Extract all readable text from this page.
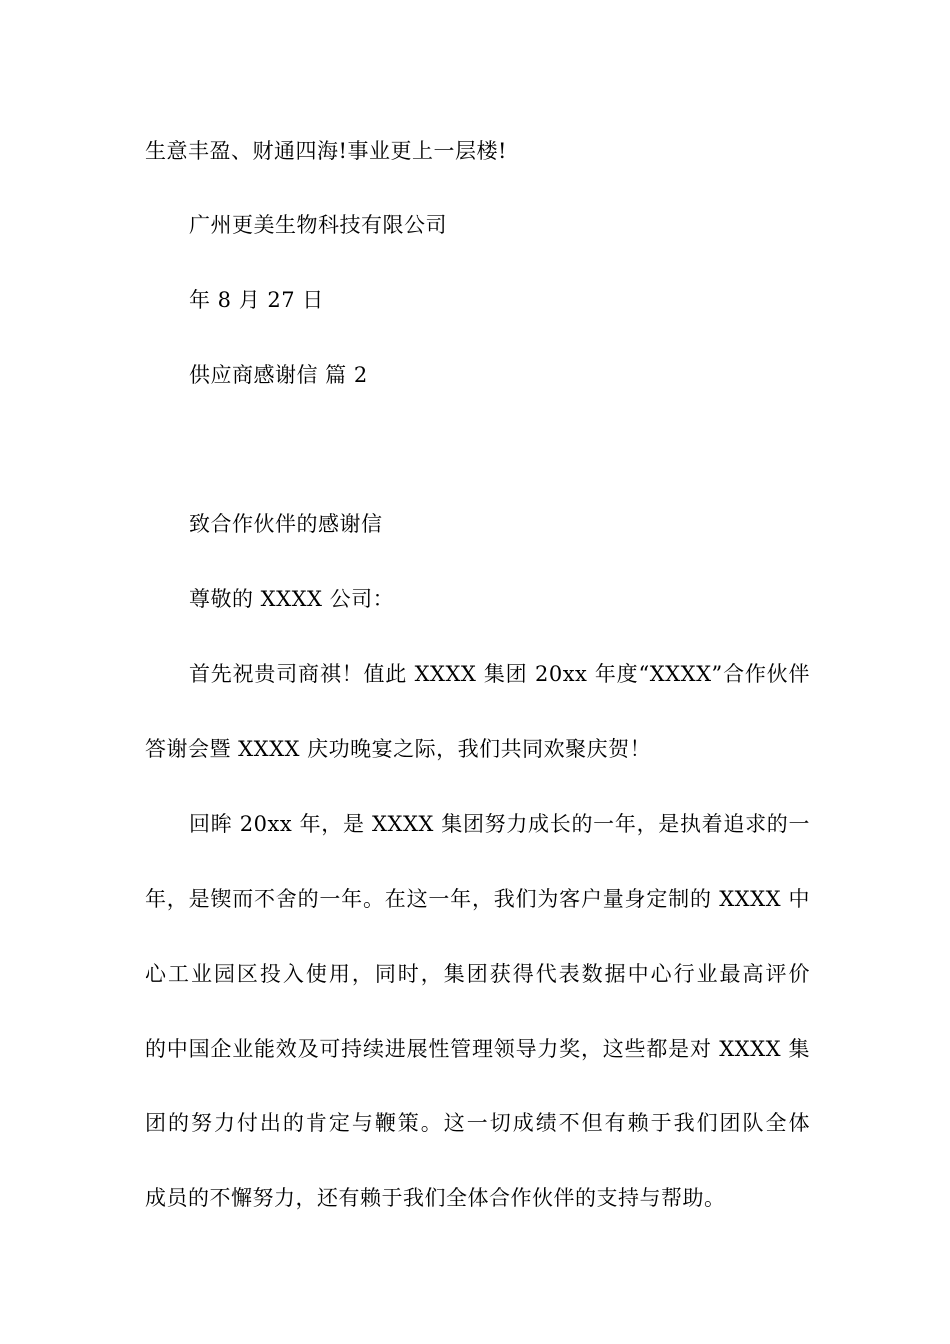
生意丰盈、财通四海!事业更上一层楼!
广州更美生物科技有限公司
年 8 月 27 日
供应商感谢信 篇 2
致合作伙伴的感谢信
尊敬的 XXXX 公司：
首先祝贵司商祺！值此 XXXX 集团 20xx 年度“XXXX”合作伙伴
答谢会暨 XXXX 庆功晚宴之际，我们共同欢聚庆贺！
回眸 20xx 年，是 XXXX 集团努力成长的一年，是执着追求的一
年，是锲而不舍的一年。在这一年，我们为客户量身定制的 XXXX 中
心工业园区投入使用，同时，集团获得代表数据中心行业最高评价
的中国企业能效及可持续进展性管理领导力奖，这些都是对 XXXX 集
团的努力付出的肯定与鞭策。这一切成绩不但有赖于我们团队全体
成员的不懈努力，还有赖于我们全体合作伙伴的支持与帮助。
